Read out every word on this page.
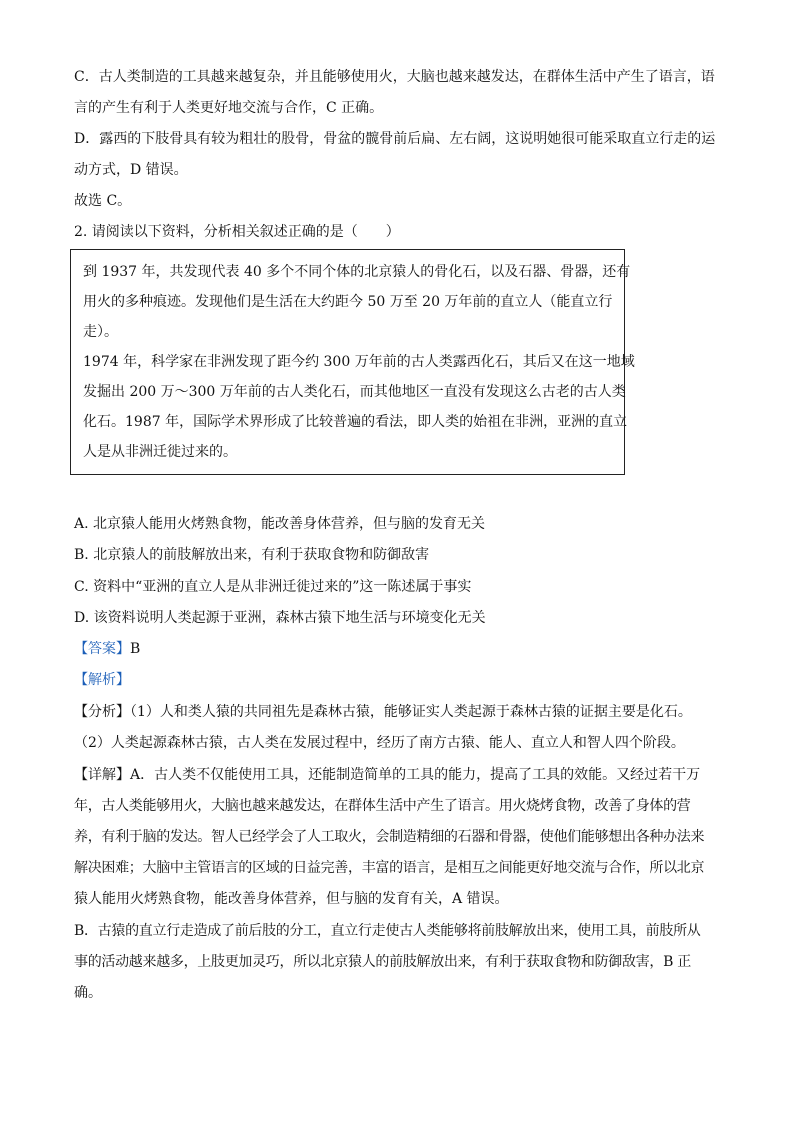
C．古人类制造的工具越来越复杂，并且能够使用火，大脑也越来越发达，在群体生活中产生了语言，语
言的产生有利于人类更好地交流与合作，C 正确。
D．露西的下肢骨具有较为粗壮的股骨，骨盆的髋骨前后扁、左右阔，这说明她很可能采取直立行走的运
动方式，D 错误。
故选 C。
2. 请阅读以下资料，分析相关叙述正确的是（　　）
到 1937 年，共发现代表 40 多个不同个体的北京猿人的骨化石，以及石器、骨器，还有
用火的多种痕迹。发现他们是生活在大约距今 50 万至 20 万年前的直立人（能直立行
走）。
1974 年，科学家在非洲发现了距今约 300 万年前的古人类露西化石，其后又在这一地域
发掘出 200 万～300 万年前的古人类化石，而其他地区一直没有发现这么古老的古人类
化石。1987 年，国际学术界形成了比较普遍的看法，即人类的始祖在非洲，亚洲的直立
人是从非洲迁徙过来的。
A. 北京猿人能用火烤熟食物，能改善身体营养，但与脑的发育无关
B. 北京猿人的前肢解放出来，有利于获取食物和防御敌害
C. 资料中“亚洲的直立人是从非洲迁徙过来的”这一陈述属于事实
D. 该资料说明人类起源于亚洲，森林古猿下地生活与环境变化无关
【答案】B
【解析】
【分析】（1）人和类人猿的共同祖先是森林古猿，能够证实人类起源于森林古猿的证据主要是化石。
（2）人类起源森林古猿，古人类在发展过程中，经历了南方古猿、能人、直立人和智人四个阶段。
【详解】A．古人类不仅能使用工具，还能制造简单的工具的能力，提高了工具的效能。又经过若干万
年，古人类能够用火，大脑也越来越发达，在群体生活中产生了语言。用火烧烤食物，改善了身体的营
养，有利于脑的发达。智人已经学会了人工取火，会制造精细的石器和骨器，使他们能够想出各种办法来
解决困难；大脑中主管语言的区域的日益完善，丰富的语言，是相互之间能更好地交流与合作，所以北京
猿人能用火烤熟食物，能改善身体营养，但与脑的发育有关，A 错误。
B．古猿的直立行走造成了前后肢的分工，直立行走使古人类能够将前肢解放出来，使用工具，前肢所从
事的活动越来越多，上肢更加灵巧，所以北京猿人的前肢解放出来，有利于获取食物和防御敌害，B 正
确。
